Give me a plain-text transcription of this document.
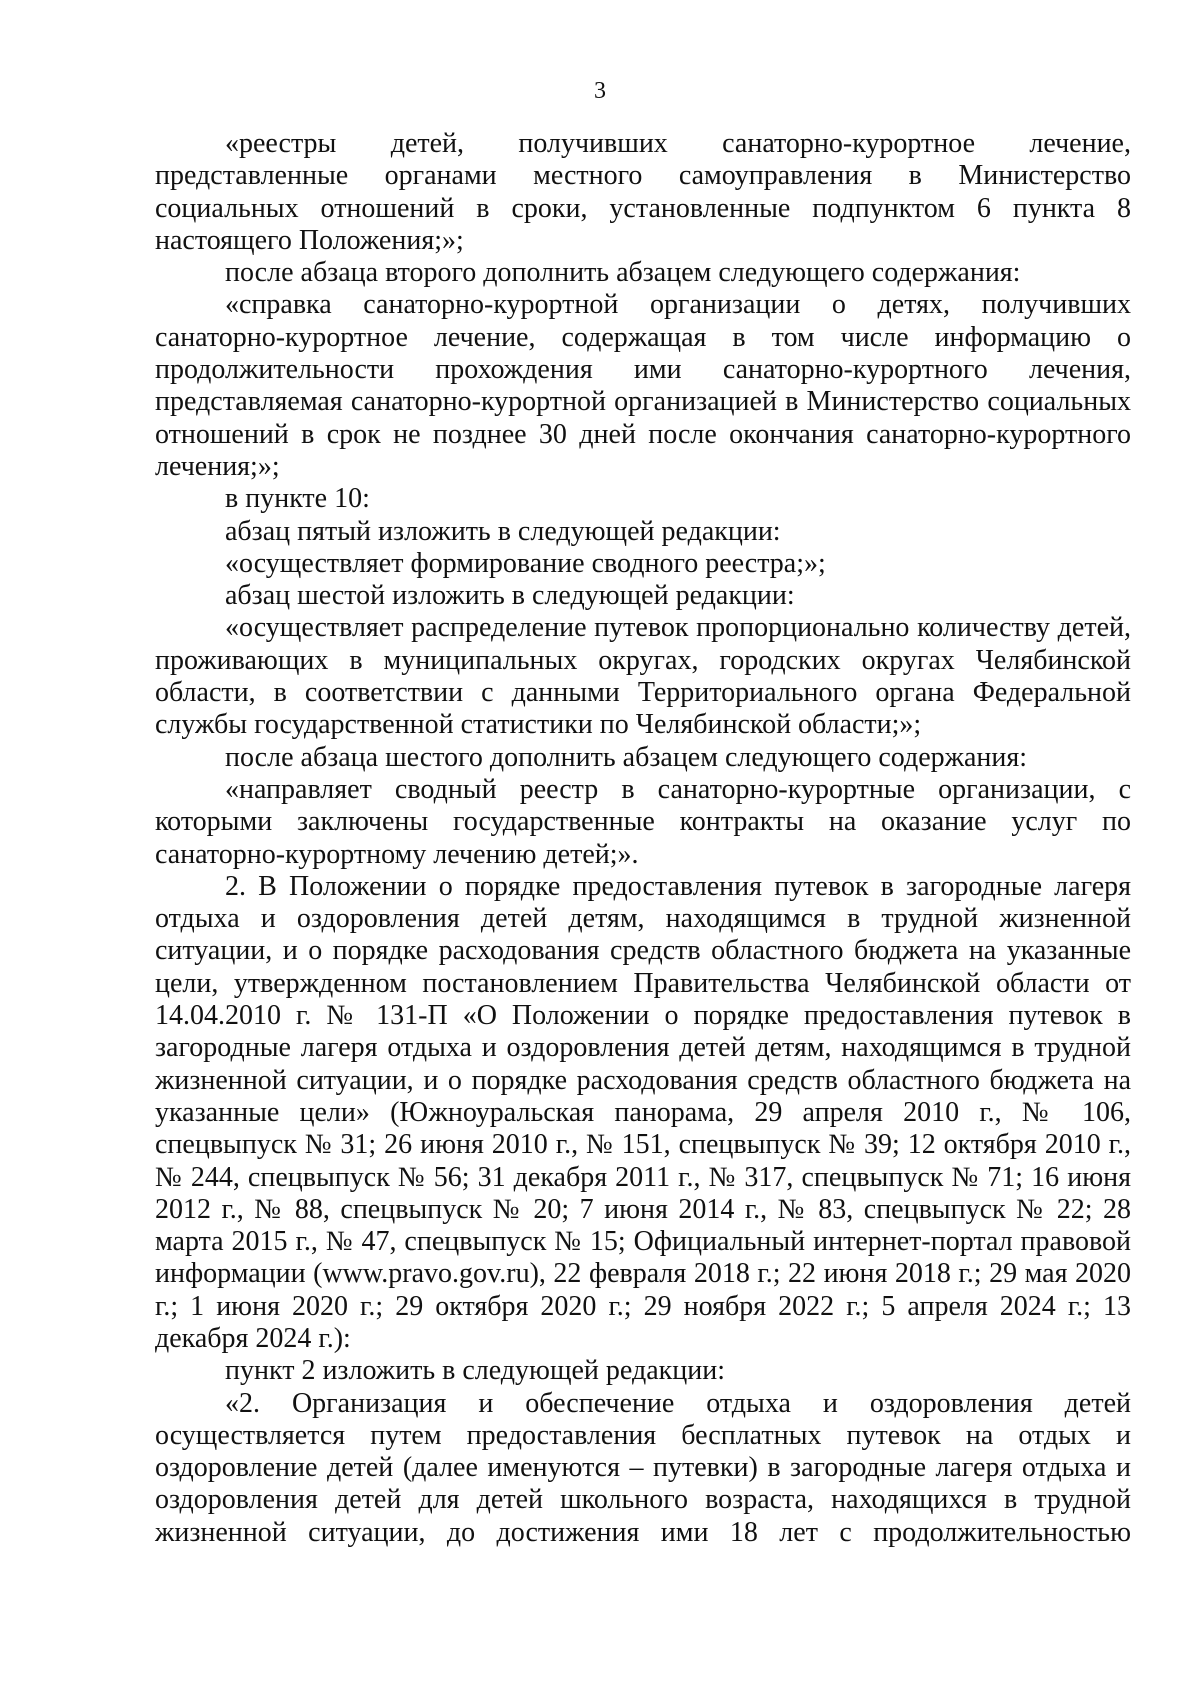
3

«реестры детей, получивших санаторно-курортное лечение, представленные органами местного самоуправления в Министерство социальных отношений в сроки, установленные подпунктом 6 пункта 8 настоящего Положения;»;

после абзаца второго дополнить абзацем следующего содержания:

«справка санаторно-курортной организации о детях, получивших санаторно-курортное лечение, содержащая в том числе информацию о продолжительности прохождения ими санаторно-курортного лечения, представляемая санаторно-курортной организацией в Министерство социальных отношений в срок не позднее 30 дней после окончания санаторно-курортного лечения;»;

в пункте 10:

абзац пятый изложить в следующей редакции:

«осуществляет формирование сводного реестра;»;

абзац шестой изложить в следующей редакции:

«осуществляет распределение путевок пропорционально количеству детей, проживающих в муниципальных округах, городских округах Челябинской области, в соответствии с данными Территориального органа Федеральной службы государственной статистики по Челябинской области;»;

после абзаца шестого дополнить абзацем следующего содержания:

«направляет сводный реестр в санаторно-курортные организации, с которыми заключены государственные контракты на оказание услуг по санаторно-курортному лечению детей;».

2. В Положении о порядке предоставления путевок в загородные лагеря отдыха и оздоровления детей детям, находящимся в трудной жизненной ситуации, и о порядке расходования средств областного бюджета на указанные цели, утвержденном постановлением Правительства Челябинской области от 14.04.2010 г. № 131-П «О Положении о порядке предоставления путевок в загородные лагеря отдыха и оздоровления детей детям, находящимся в трудной жизненной ситуации, и о порядке расходования средств областного бюджета на указанные цели» (Южноуральская панорама, 29 апреля 2010 г., № 106, спецвыпуск № 31; 26 июня 2010 г., № 151, спецвыпуск № 39; 12 октября 2010 г., № 244, спецвыпуск № 56; 31 декабря 2011 г., № 317, спецвыпуск № 71; 16 июня 2012 г., № 88, спецвыпуск № 20; 7 июня 2014 г., № 83, спецвыпуск № 22; 28 марта 2015 г., № 47, спецвыпуск № 15; Официальный интернет-портал правовой информации (www.pravo.gov.ru), 22 февраля 2018 г.; 22 июня 2018 г.; 29 мая 2020 г.; 1 июня 2020 г.; 29 октября 2020 г.; 29 ноября 2022 г.; 5 апреля 2024 г.; 13 декабря 2024 г.):

пункт 2 изложить в следующей редакции:

«2. Организация и обеспечение отдыха и оздоровления детей осуществляется путем предоставления бесплатных путевок на отдых и оздоровление детей (далее именуются – путевки) в загородные лагеря отдыха и оздоровления детей для детей школьного возраста, находящихся в трудной жизненной ситуации, до достижения ими 18 лет с продолжительностью
